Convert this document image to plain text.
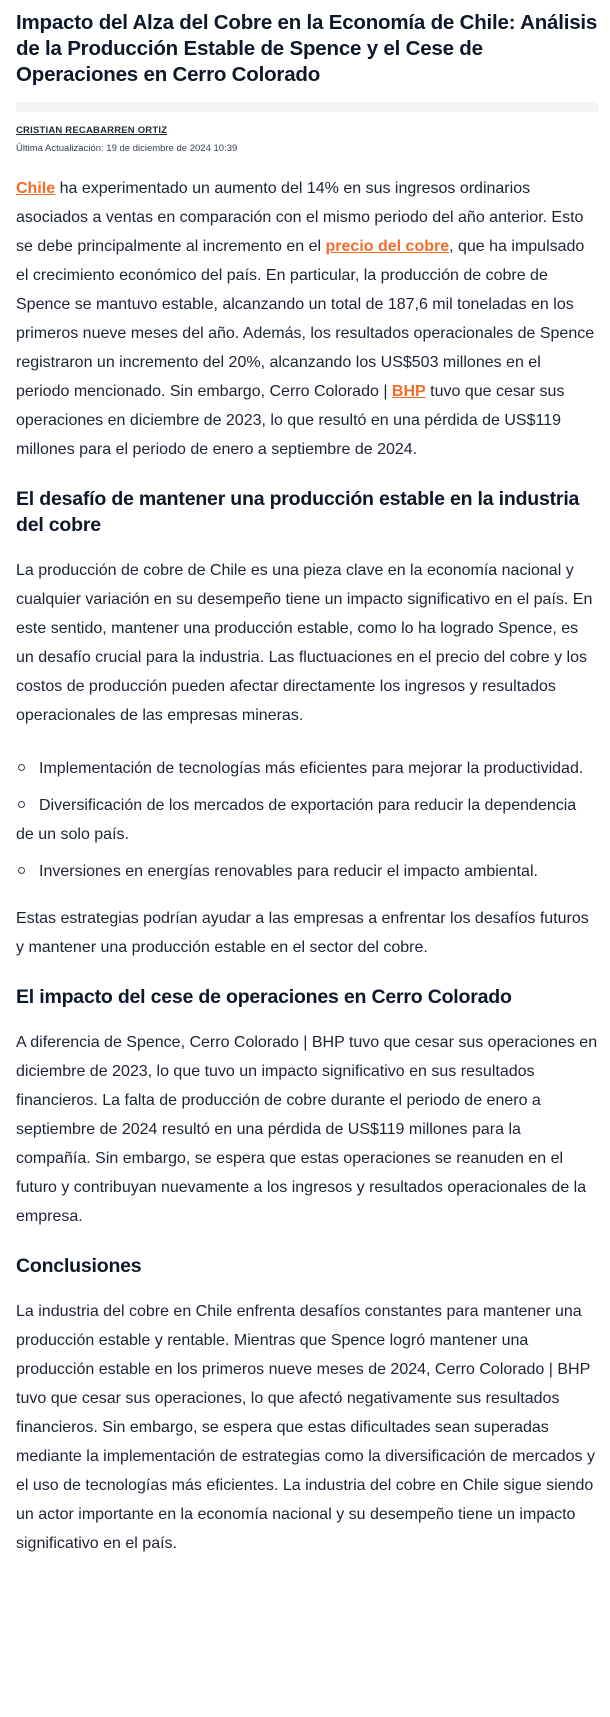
Impacto del Alza del Cobre en la Economía de Chile: Análisis de la Producción Estable de Spence y el Cese de Operaciones en Cerro Colorado

CRISTIAN RECABARREN ORTIZ

Última Actualización: 19 de diciembre de 2024 10:39

Chile ha experimentado un aumento del 14% en sus ingresos ordinarios asociados a ventas en comparación con el mismo periodo del año anterior. Esto se debe principalmente al incremento en el precio del cobre, que ha impulsado el crecimiento económico del país. En particular, la producción de cobre de Spence se mantuvo estable, alcanzando un total de 187,6 mil toneladas en los primeros nueve meses del año. Además, los resultados operacionales de Spence registraron un incremento del 20%, alcanzando los US$503 millones en el periodo mencionado. Sin embargo, Cerro Colorado | BHP tuvo que cesar sus operaciones en diciembre de 2023, lo que resultó en una pérdida de US$119 millones para el periodo de enero a septiembre de 2024.

El desafío de mantener una producción estable en la industria del cobre

La producción de cobre de Chile es una pieza clave en la economía nacional y cualquier variación en su desempeño tiene un impacto significativo en el país. En este sentido, mantener una producción estable, como lo ha logrado Spence, es un desafío crucial para la industria. Las fluctuaciones en el precio del cobre y los costos de producción pueden afectar directamente los ingresos y resultados operacionales de las empresas mineras.

Implementación de tecnologías más eficientes para mejorar la productividad.
Diversificación de los mercados de exportación para reducir la dependencia de un solo país.
Inversiones en energías renovables para reducir el impacto ambiental.

Estas estrategias podrían ayudar a las empresas a enfrentar los desafíos futuros y mantener una producción estable en el sector del cobre.

El impacto del cese de operaciones en Cerro Colorado

A diferencia de Spence, Cerro Colorado | BHP tuvo que cesar sus operaciones en diciembre de 2023, lo que tuvo un impacto significativo en sus resultados financieros. La falta de producción de cobre durante el periodo de enero a septiembre de 2024 resultó en una pérdida de US$119 millones para la compañía. Sin embargo, se espera que estas operaciones se reanuden en el futuro y contribuyan nuevamente a los ingresos y resultados operacionales de la empresa.

Conclusiones

La industria del cobre en Chile enfrenta desafíos constantes para mantener una producción estable y rentable. Mientras que Spence logró mantener una producción estable en los primeros nueve meses de 2024, Cerro Colorado | BHP tuvo que cesar sus operaciones, lo que afectó negativamente sus resultados financieros. Sin embargo, se espera que estas dificultades sean superadas mediante la implementación de estrategias como la diversificación de mercados y el uso de tecnologías más eficientes. La industria del cobre en Chile sigue siendo un actor importante en la economía nacional y su desempeño tiene un impacto significativo en el país.
